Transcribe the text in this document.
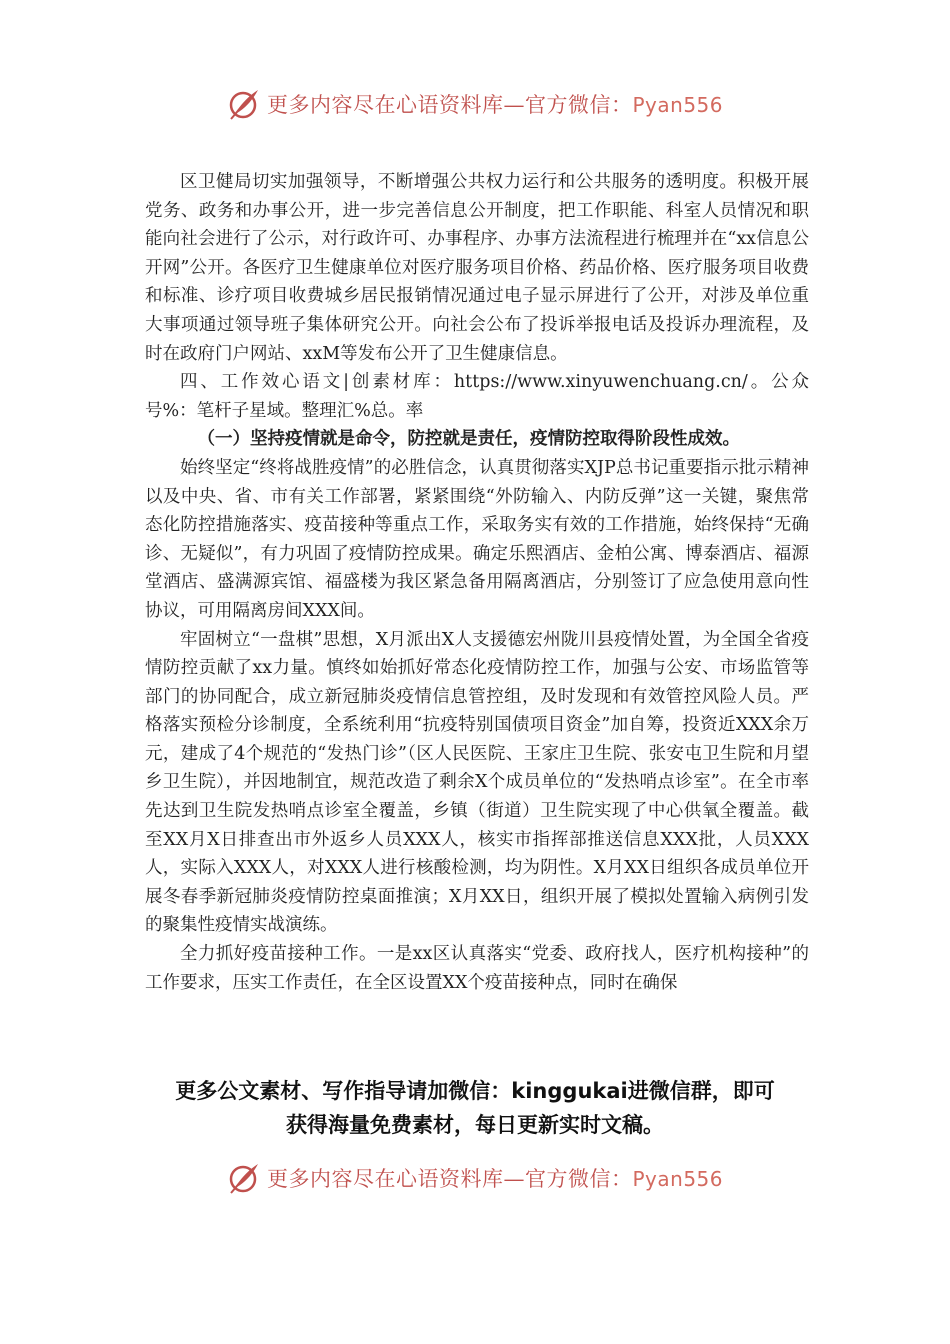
更多内容尽在心语资料库—官方微信：Pyan556

区卫健局切实加强领导，不断增强公共权力运行和公共服务的透明度。积极开展党务、政务和办事公开，进一步完善信息公开制度，把工作职能、科室人员情况和职能向社会进行了公示，对行政许可、办事程序、办事方法流程进行梳理并在“xx信息公开网”公开。各医疗卫生健康单位对医疗服务项目价格、药品价格、医疗服务项目收费和标准、诊疗项目收费城乡居民报销情况通过电子显示屏进行了公开，对涉及单位重大事项通过领导班子集体研究公开。向社会公布了投诉举报电话及投诉办理流程，及时在政府门户网站、xxM等发布公开了卫生健康信息。

四、工作效心语文|创素材库：https://www.xinyuwenchuang.cn/。公众号%：笔杆子星域。整理汇%总。率

（一）坚持疫情就是命令，防控就是责任，疫情防控取得阶段性成效。

始终坚定“终将战胜疫情”的必胜信念，认真贯彻落实XJP总书记重要指示批示精神以及中央、省、市有关工作部署，紧紧围绕“外防输入、内防反弹”这一关键，聚焦常态化防控措施落实、疫苗接种等重点工作，采取务实有效的工作措施，始终保持“无确诊、无疑似”，有力巩固了疫情防控成果。确定乐熙酒店、金柏公寓、博泰酒店、福源堂酒店、盛满源宾馆、福盛楼为我区紧急备用隔离酒店，分别签订了应急使用意向性协议，可用隔离房间XXX间。

牢固树立“一盘棋”思想，X月派出X人支援德宏州陇川县疫情处置，为全国全省疫情防控贡献了xx力量。慎终如始抓好常态化疫情防控工作，加强与公安、市场监管等部门的协同配合，成立新冠肺炎疫情信息管控组，及时发现和有效管控风险人员。严格落实预检分诊制度，全系统利用“抗疫特别国债项目资金”加自筹，投资近XXX余万元，建成了4个规范的“发热门诊”（区人民医院、王家庄卫生院、张安屯卫生院和月望乡卫生院），并因地制宜，规范改造了剩余X个成员单位的“发热哨点诊室”。在全市率先达到卫生院发热哨点诊室全覆盖，乡镇（街道）卫生院实现了中心供氧全覆盖。截至XX月X日排查出市外返乡人员XXX人，核实市指挥部推送信息XXX批，人员XXX人，实际入XXX人，对XXX人进行核酸检测，均为阴性。X月XX日组织各成员单位开展冬春季新冠肺炎疫情防控桌面推演；X月XX日，组织开展了模拟处置输入病例引发的聚集性疫情实战演练。

全力抓好疫苗接种工作。一是xx区认真落实“党委、政府找人，医疗机构接种”的工作要求，压实工作责任，在全区设置XX个疫苗接种点，同时在确保

更多公文素材、写作指导请加微信：kinggukai进微信群，即可
获得海量免费素材，每日更新实时文稿。
更多内容尽在心语资料库—官方微信：Pyan556
